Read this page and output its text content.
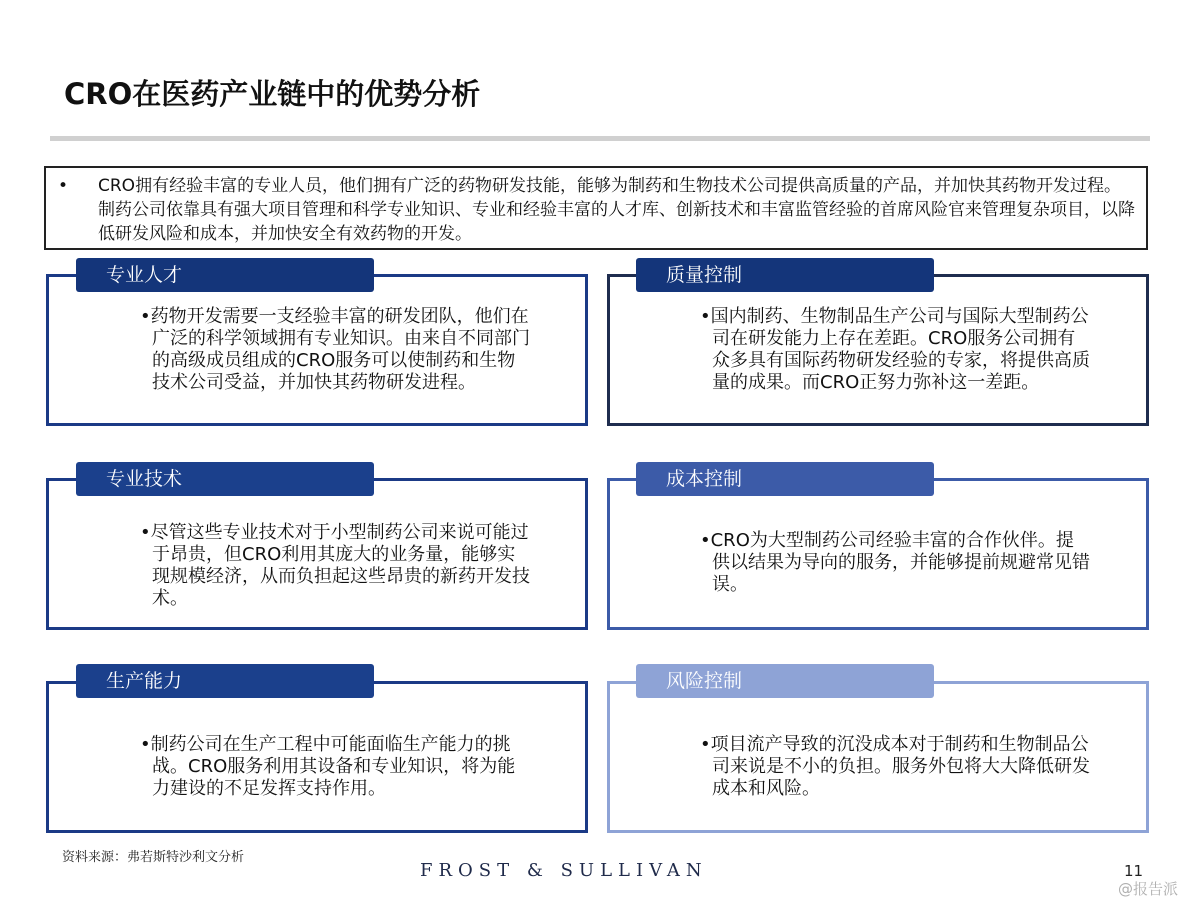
CRO在医药产业链中的优势分析
• CRO拥有经验丰富的专业人员，他们拥有广泛的药物研发技能，能够为制药和生物技术公司提供高质量的产品，并加快其药物开发过程。制药公司依靠具有强大项目管理和科学专业知识、专业和经验丰富的人才库、创新技术和丰富监管经验的首席风险官来管理复杂项目，以降低研发风险和成本，并加快安全有效药物的开发。
专业人才
•药物开发需要一支经验丰富的研发团队，他们在广泛的科学领域拥有专业知识。由来自不同部门的高级成员组成的CRO服务可以使制药和生物技术公司受益，并加快其药物研发进程。
质量控制
•国内制药、生物制品生产公司与国际大型制药公司在研发能力上存在差距。CRO服务公司拥有众多具有国际药物研发经验的专家，将提供高质量的成果。而CRO正努力弥补这一差距。
专业技术
•尽管这些专业技术对于小型制药公司来说可能过于昂贵，但CRO利用其庞大的业务量，能够实现规模经济，从而负担起这些昂贵的新药开发技术。
成本控制
•CRO为大型制药公司经验丰富的合作伙伴。提供以结果为导向的服务，并能够提前规避常见错误。
生产能力
•制药公司在生产工程中可能面临生产能力的挑战。CRO服务利用其设备和专业知识，将为能力建设的不足发挥支持作用。
风险控制
•项目流产导致的沉没成本对于制药和生物制品公司来说是不小的负担。服务外包将大大降低研发成本和风险。
资料来源：弗若斯特沙利文分析
FROST & SULLIVAN	11
@报告派
